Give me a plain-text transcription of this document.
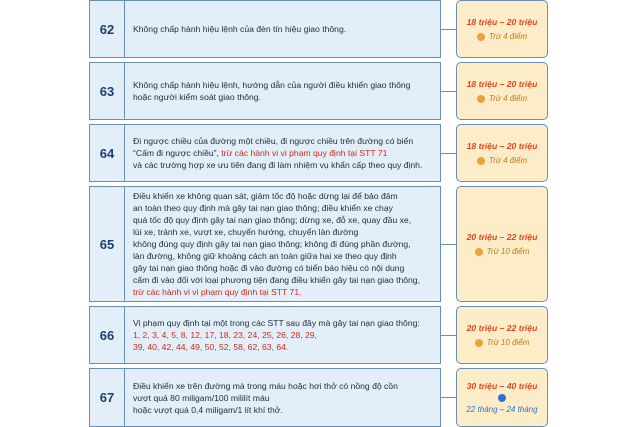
62	Không chấp hành hiệu lệnh của đèn tín hiệu giao thông.
18 triệu – 20 triệu
Trừ 4 điểm
63	Không chấp hành hiệu lệnh, hướng dẫn của người điều khiển giao thông
hoặc người kiểm soát giao thông.
18 triệu – 20 triệu
Trừ 4 điểm
64
Đi ngược chiều của đường một chiều, đi ngược chiều trên đường có biển
“Cấm đi ngược chiều”, trừ các hành vi vi phạm quy định tại STT 71
và các trường hợp xe ưu tiên đang đi làm nhiệm vụ khẩn cấp theo quy định.
18 triệu – 20 triệu
Trừ 4 điểm
65
Điều khiển xe không quan sát, giảm tốc độ hoặc dừng lại để bảo đảm
an toàn theo quy định mà gây tai nạn giao thông; điều khiển xe chạy
quá tốc độ quy định gây tai nạn giao thông; dừng xe, đỗ xe, quay đầu xe,
lùi xe, tránh xe, vượt xe, chuyển hướng, chuyển làn đường
không đúng quy định gây tai nạn giao thông; không đi đúng phần đường,
làn đường, không giữ khoảng cách an toàn giữa hai xe theo quy định
gây tai nạn giao thông hoặc đi vào đường có biển báo hiệu có nội dung
cấm đi vào đối với loại phương tiện đang điều khiển gây tai nạn giao thông,
trừ các hành vi vi phạm quy định tại STT 71.
20 triệu – 22 triệu
Trừ 10 điểm
66
Vi phạm quy định tại một trong các STT sau đây mà gây tai nạn giao thông:
1, 2, 3, 4, 5, 8, 12, 17, 18, 23, 24, 25, 26, 28, 29,
39, 40, 42, 44, 49, 50, 52, 58, 62, 63, 64.
20 triệu – 22 triệu
Trừ 10 điểm
67
Điều khiển xe trên đường mà trong máu hoặc hơi thở có nồng độ cồn
vượt quá 80 miligam/100 mililít máu
hoặc vượt quá 0,4 miligam/1 lít khí thở.
30 triệu – 40 triệu
22 tháng – 24 tháng
